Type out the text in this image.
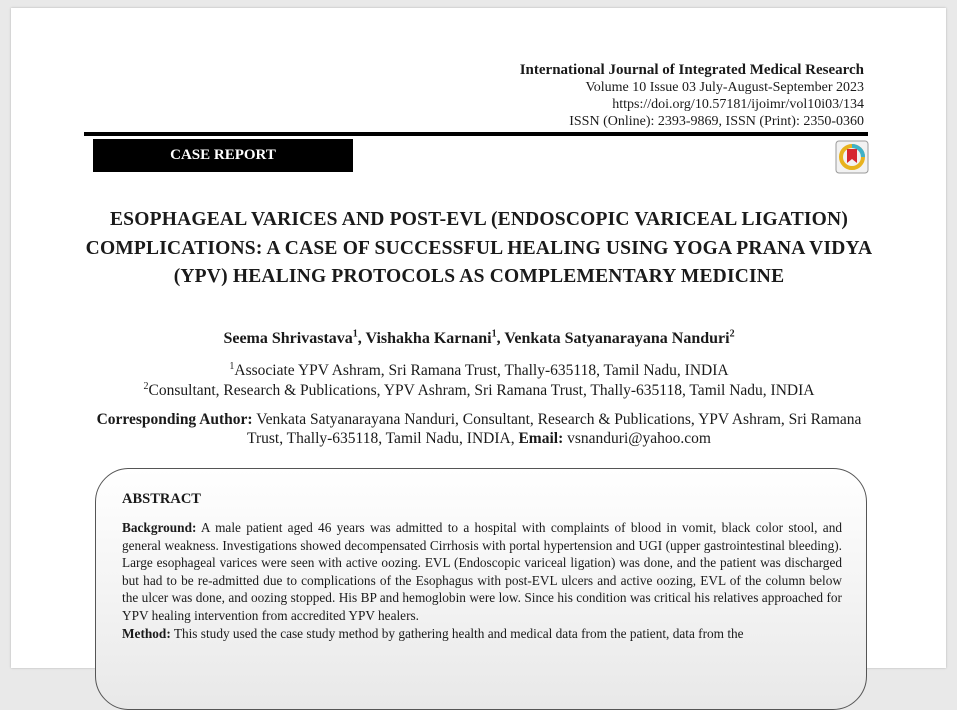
International Journal of Integrated Medical Research
Volume 10 Issue 03 July-August-September 2023
https://doi.org/10.57181/ijoimr/vol10i03/134
ISSN (Online): 2393-9869, ISSN (Print): 2350-0360
CASE REPORT
ESOPHAGEAL VARICES AND POST-EVL (ENDOSCOPIC VARICEAL LIGATION) COMPLICATIONS: A CASE OF SUCCESSFUL HEALING USING YOGA PRANA VIDYA (YPV) HEALING PROTOCOLS AS COMPLEMENTARY MEDICINE
Seema Shrivastava$^1$, Vishakha Karnani$^1$, Venkata Satyanarayana Nanduri$^2$
$^1$Associate YPV Ashram, Sri Ramana Trust, Thally-635118, Tamil Nadu, INDIA
$^2$Consultant, Research & Publications, YPV Ashram, Sri Ramana Trust, Thally-635118, Tamil Nadu, INDIA
Corresponding Author: Venkata Satyanarayana Nanduri, Consultant, Research & Publications, YPV Ashram, Sri Ramana Trust, Thally-635118, Tamil Nadu, INDIA, Email: vsnanduri@yahoo.com
ABSTRACT
Background: A male patient aged 46 years was admitted to a hospital with complaints of blood in vomit, black color stool, and general weakness. Investigations showed decompensated Cirrhosis with portal hypertension and UGI (upper gastrointestinal bleeding). Large esophageal varices were seen with active oozing. EVL (Endoscopic variceal ligation) was done, and the patient was discharged but had to be re-admitted due to complications of the Esophagus with post-EVL ulcers and active oozing, EVL of the column below the ulcer was done, and oozing stopped. His BP and hemoglobin were low. Since his condition was critical his relatives approached for YPV healing intervention from accredited YPV healers.
Method: This study used the case study method by gathering health and medical data from the patient, data from the
